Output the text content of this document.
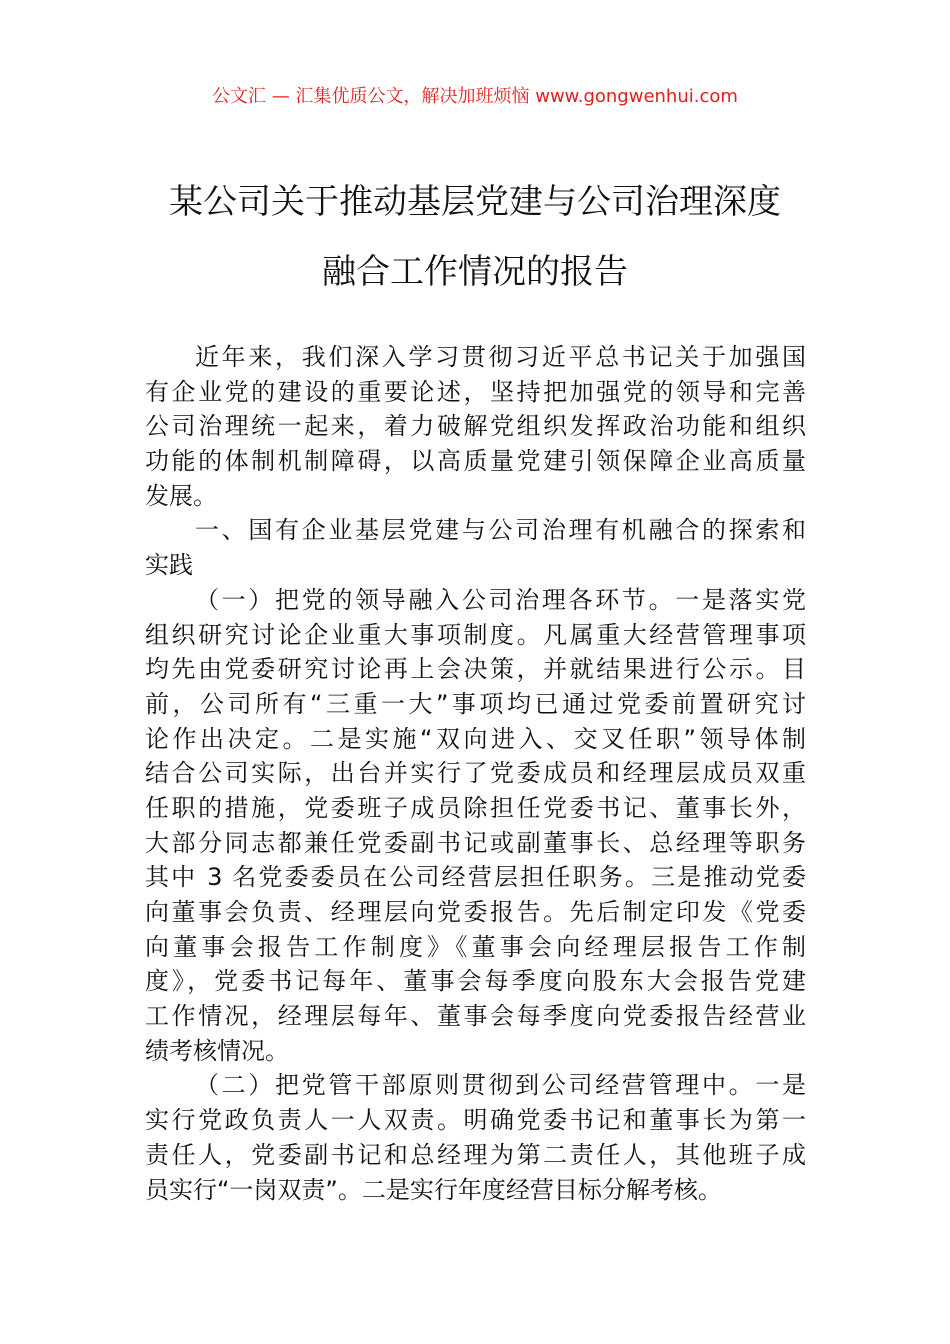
公文汇 — 汇集优质公文，解决加班烦恼 www.gongwenhui.com
某公司关于推动基层党建与公司治理深度
融合工作情况的报告
近年来，我们深入学习贯彻习近平总书记关于加强国
有企业党的建设的重要论述，坚持把加强党的领导和完善
公司治理统一起来，着力破解党组织发挥政治功能和组织
功能的体制机制障碍，以高质量党建引领保障企业高质量
发展。
一、国有企业基层党建与公司治理有机融合的探索和
实践
（一）把党的领导融入公司治理各环节。一是落实党
组织研究讨论企业重大事项制度。凡属重大经营管理事项
均先由党委研究讨论再上会决策，并就结果进行公示。目
前，公司所有“三重一大”事项均已通过党委前置研究讨
论作出决定。二是实施“双向进入、交叉任职”领导体制
结合公司实际，出台并实行了党委成员和经理层成员双重
任职的措施，党委班子成员除担任党委书记、董事长外，
大部分同志都兼任党委副书记或副董事长、总经理等职务
其中 3 名党委委员在公司经营层担任职务。三是推动党委
向董事会负责、经理层向党委报告。先后制定印发《党委
向董事会报告工作制度》《董事会向经理层报告工作制
度》，党委书记每年、董事会每季度向股东大会报告党建
工作情况，经理层每年、董事会每季度向党委报告经营业
绩考核情况。
（二）把党管干部原则贯彻到公司经营管理中。一是
实行党政负责人一人双责。明确党委书记和董事长为第一
责任人，党委副书记和总经理为第二责任人，其他班子成
员实行“一岗双责”。二是实行年度经营目标分解考核。
